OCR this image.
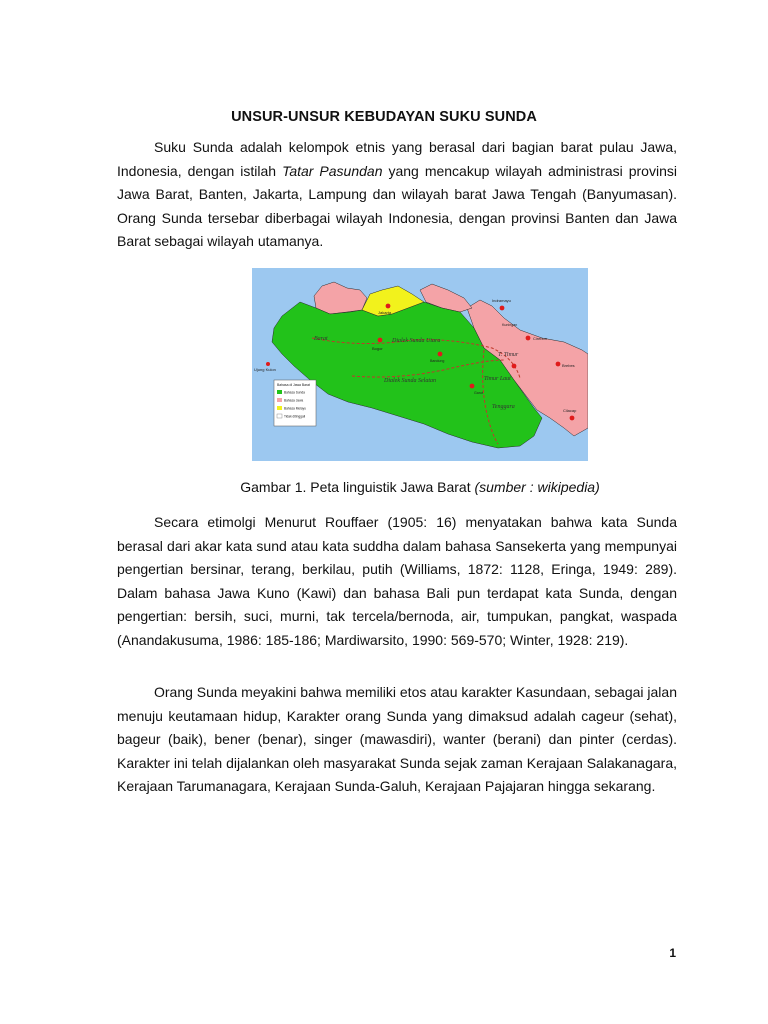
UNSUR-UNSUR KEBUDAYAN SUKU SUNDA

Suku Sunda adalah kelompok etnis yang berasal dari bagian barat pulau Jawa, Indonesia, dengan istilah Tatar Pasundan yang mencakup wilayah administrasi provinsi Jawa Barat, Banten, Jakarta, Lampung dan wilayah barat Jawa Tengah (Banyumasan). Orang Sunda tersebar diberbagai wilayah Indonesia, dengan provinsi Banten dan Jawa Barat sebagai wilayah utamanya.

Jakarta
Indramayu
Cirebon
Brebes
Cilacap
Kuningan
Bogor
Ujung Kulon
Bandung
Garut
Barat	Dialek Sunda Utara
T. Timur
Timur Laut
Dialek Sunda Selatan
Tenggara
Bahasa di Jawa Barat
Bahasa Sunda
Bahasa Jawa
Bahasa Melayu
Tidak ditinggali
Gambar 1. Peta linguistik Jawa Barat (sumber : wikipedia)

Secara etimolgi Menurut Rouffaer (1905: 16) menyatakan bahwa kata Sunda berasal dari akar kata sund atau kata suddha dalam bahasa Sansekerta yang mempunyai pengertian bersinar, terang, berkilau, putih (Williams, 1872: 1128, Eringa, 1949: 289). Dalam bahasa Jawa Kuno (Kawi) dan bahasa Bali pun terdapat kata Sunda, dengan pengertian: bersih, suci, murni, tak tercela/bernoda, air, tumpukan, pangkat, waspada (Anandakusuma, 1986: 185-186; Mardiwarsito, 1990: 569-570; Winter, 1928: 219).

Orang Sunda meyakini bahwa memiliki etos atau karakter Kasundaan, sebagai jalan menuju keutamaan hidup, Karakter orang Sunda yang dimaksud adalah cageur (sehat), bageur (baik), bener (benar), singer (mawasdiri), wanter (berani) dan pinter (cerdas). Karakter ini telah dijalankan oleh masyarakat Sunda sejak zaman Kerajaan Salakanagara, Kerajaan Tarumanagara, Kerajaan Sunda-Galuh, Kerajaan Pajajaran hingga sekarang.

1
